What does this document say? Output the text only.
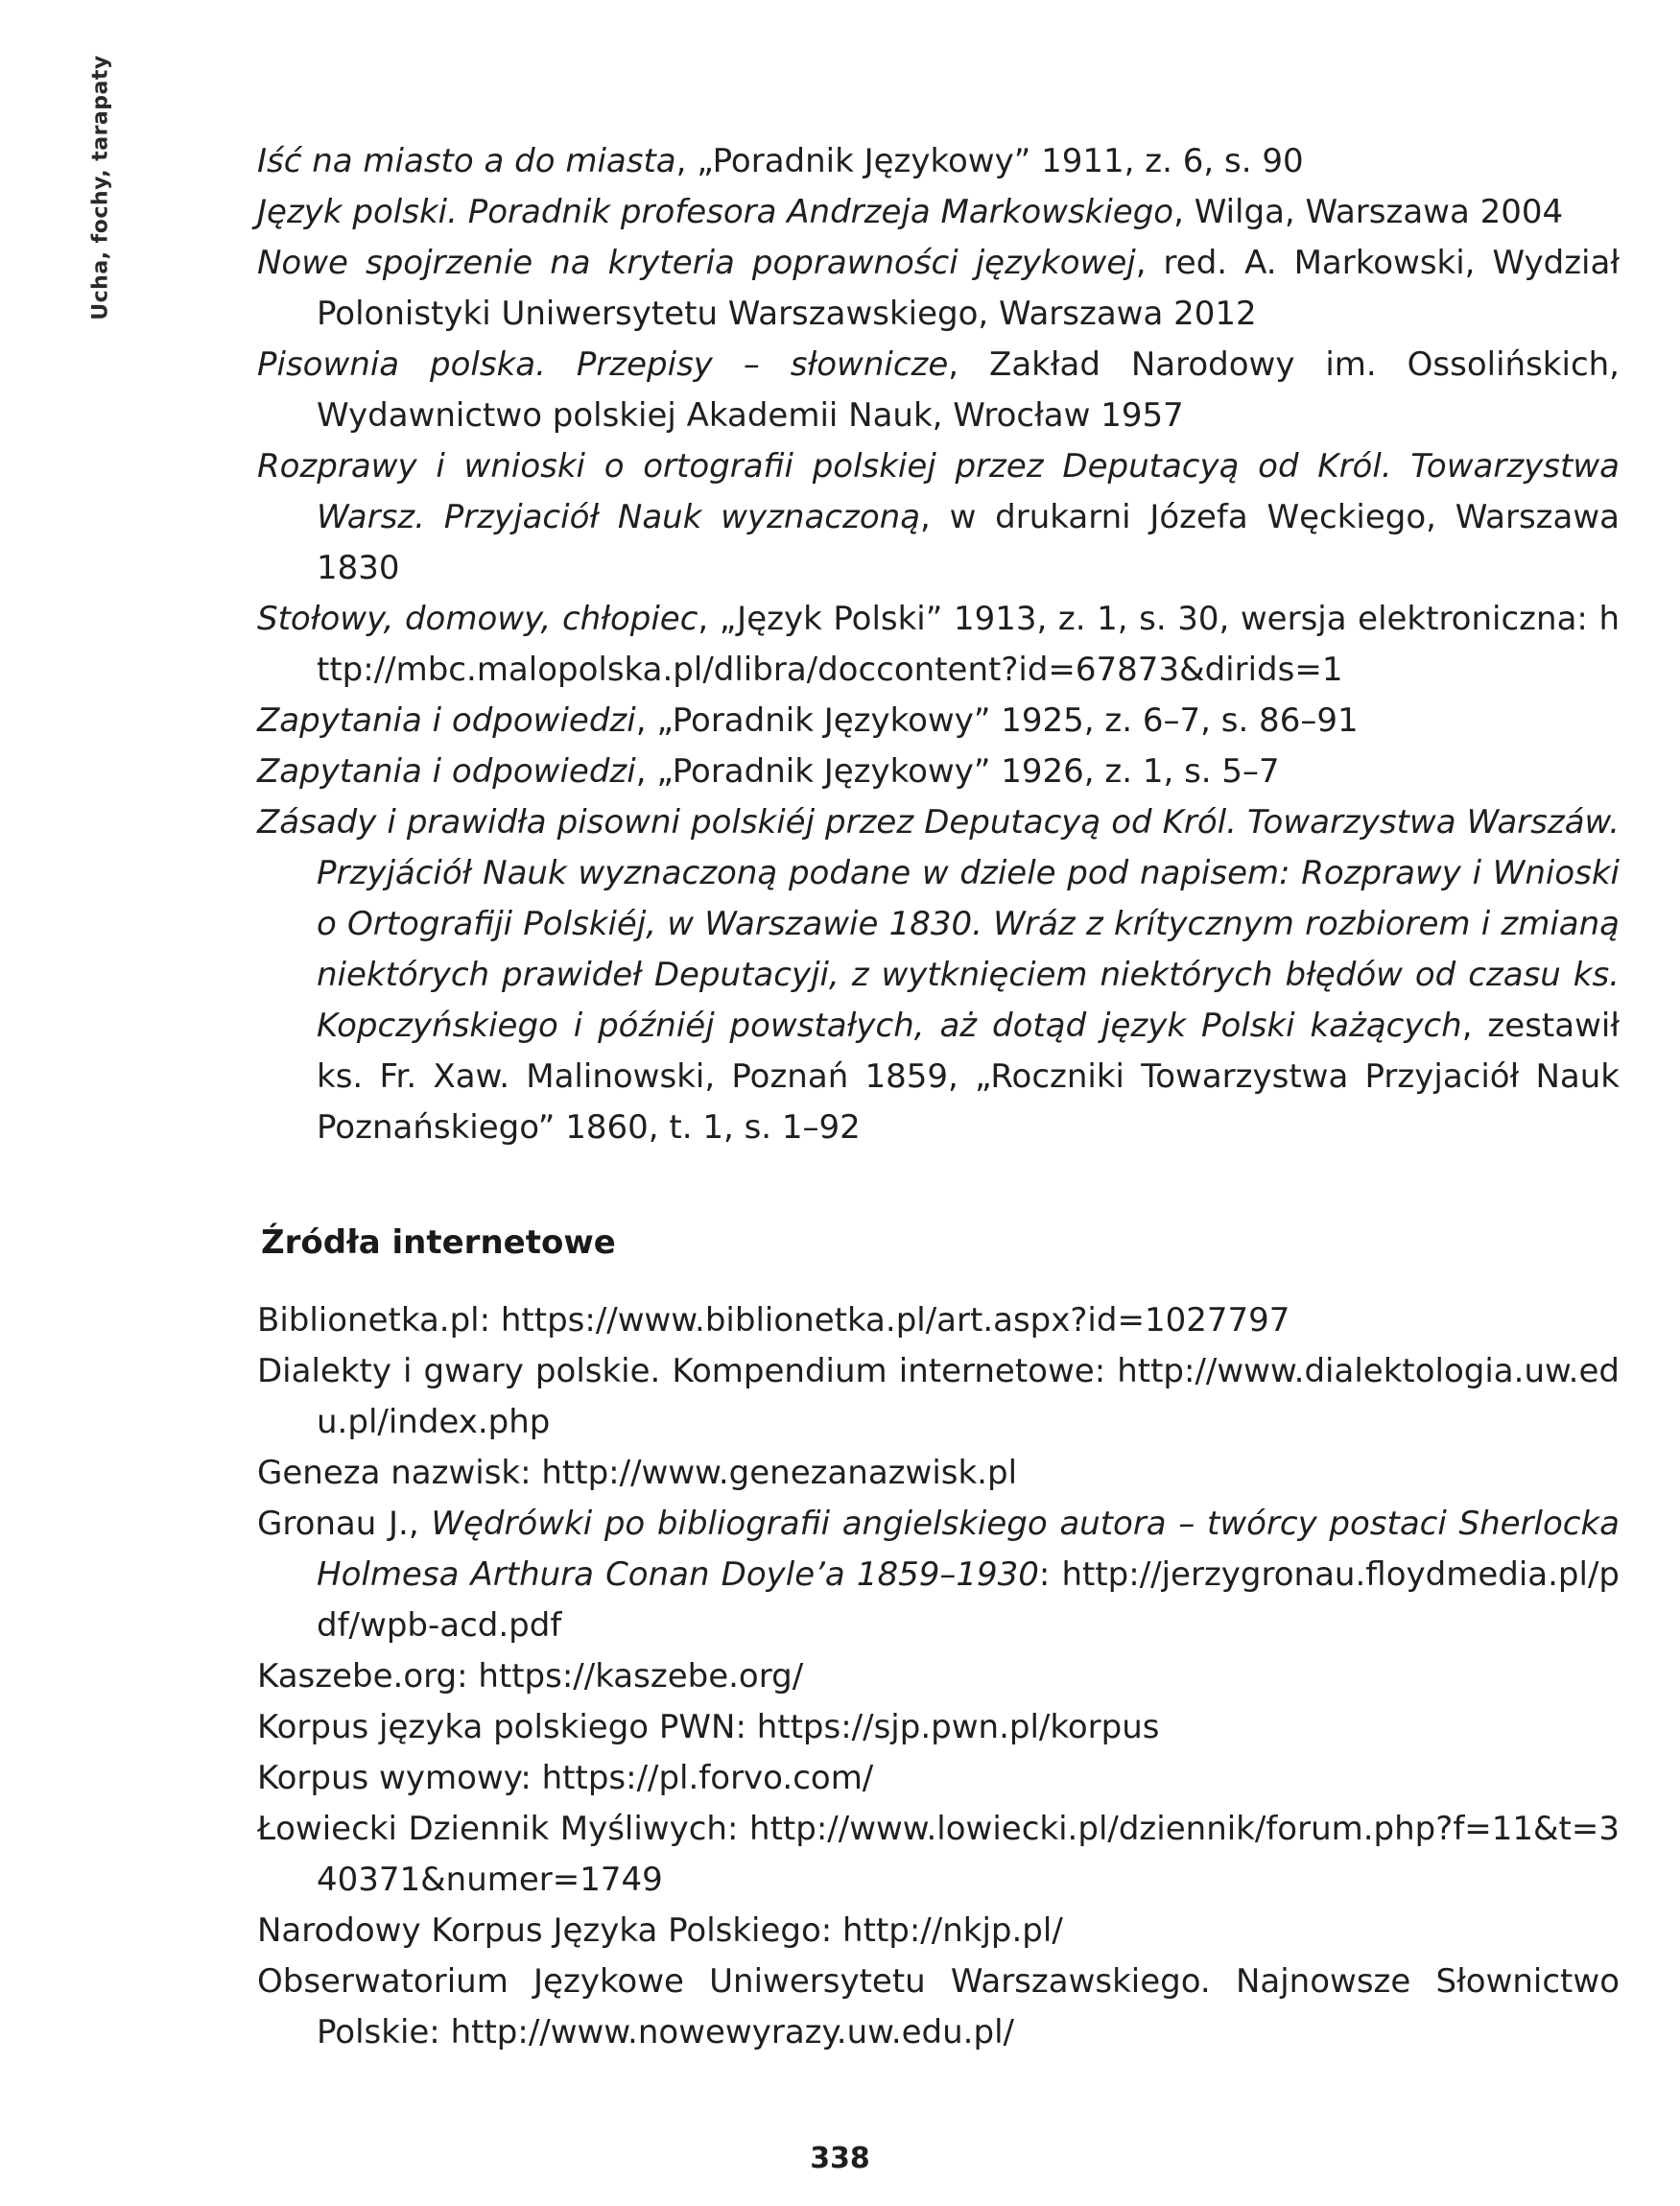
Ucha, fochy, tarapaty	Iść na miasto a do miasta, „Poradnik Językowy” 1911, z. 6, s. 90

Język polski. Poradnik profesora Andrzeja Markowskiego, Wilga, Warszawa 2004

Nowe spojrzenie na kryteria poprawności językowej, red. A. Markowski, Wydział Polonistyki Uniwersytetu Warszawskiego, Warszawa 2012

Pisownia polska. Przepisy – słownicze, Zakład Narodowy im. Ossolińskich, Wydawnictwo polskiej Akademii Nauk, Wrocław 1957

Rozprawy i wnioski o ortografii polskiej przez Deputacyą od Król. Towarzystwa Warsz. Przyjaciół Nauk wyznaczoną, w drukarni Józefa Węckiego, Warszawa 1830

Stołowy, domowy, chłopiec, „Język Polski” 1913, z. 1, s. 30, wersja elektroniczna: http://mbc.malopolska.pl/dlibra/doccontent?id=67873&dirids=1

Zapytania i odpowiedzi, „Poradnik Językowy” 1925, z. 6–7, s. 86–91

Zapytania i odpowiedzi, „Poradnik Językowy” 1926, z. 1, s. 5–7

Zásady i prawidła pisowni polskiéj przez Deputacyą od Król. Towarzystwa Warszáw. Przyjációł Nauk wyznaczoną podane w dziele pod napisem: Rozprawy i Wnioski o Ortografiji Polskiéj, w Warszawie 1830. Wráz z krítycznym rozbiorem i zmianą niektórych prawideł Deputacyji, z wytknięciem niektórych błędów od czasu ks. Kopczyńskiego i późniéj powstałych, aż dotąd język Polski każących, zestawił ks. Fr. Xaw. Malinowski, Poznań 1859, „Roczniki Towarzystwa Przyjaciół Nauk Poznańskiego” 1860, t. 1, s. 1–92

Źródła internetowe

Biblionetka.pl: https://www.biblionetka.pl/art.aspx?id=1027797

Dialekty i gwary polskie. Kompendium internetowe: http://www.dialektologia.uw.edu.pl/index.php

Geneza nazwisk: http://www.genezanazwisk.pl

Gronau J., Wędrówki po bibliografii angielskiego autora – twórcy postaci Sherlocka Holmesa Arthura Conan Doyle’a 1859–1930: http://jerzygronau.floydmedia.pl/pdf/wpb-acd.pdf

Kaszebe.org: https://kaszebe.org/

Korpus języka polskiego PWN: https://sjp.pwn.pl/korpus

Korpus wymowy: https://pl.forvo.com/

Łowiecki Dziennik Myśliwych: http://www.lowiecki.pl/dziennik/forum.php?f=11&t=340371&numer=1749

Narodowy Korpus Języka Polskiego: http://nkjp.pl/

Obserwatorium Językowe Uniwersytetu Warszawskiego. Najnowsze Słownictwo Polskie: http://www.nowewyrazy.uw.edu.pl/

338
